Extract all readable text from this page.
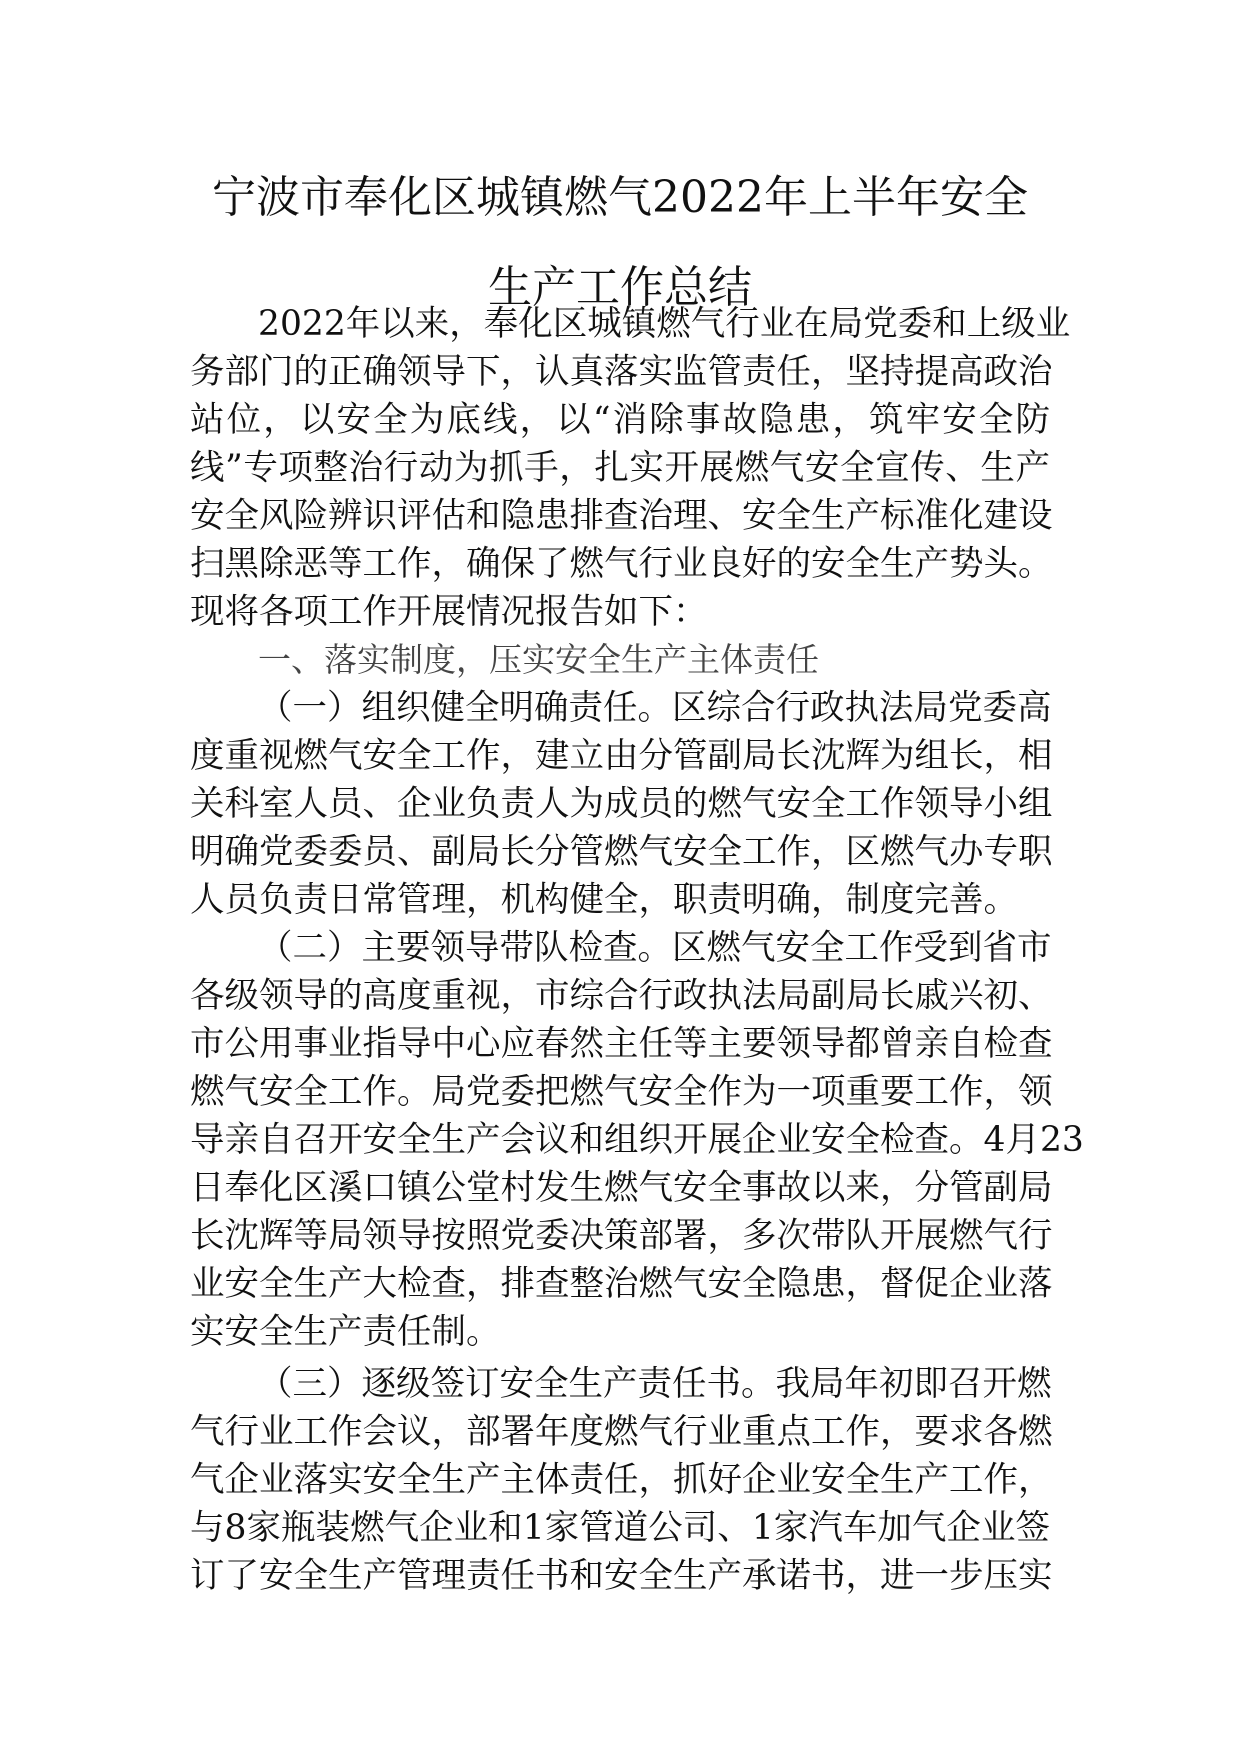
宁波市奉化区城镇燃气2022年上半年安全
生产工作总结
2022年以来，奉化区城镇燃气行业在局党委和上级业
务部门的正确领导下，认真落实监管责任，坚持提高政治
站位，以安全为底线，以“消除事故隐患，筑牢安全防
线”专项整治行动为抓手，扎实开展燃气安全宣传、生产
安全风险辨识评估和隐患排查治理、安全生产标准化建设
扫黑除恶等工作，确保了燃气行业良好的安全生产势头。
现将各项工作开展情况报告如下：
一、落实制度，压实安全生产主体责任
（一）组织健全明确责任。区综合行政执法局党委高
度重视燃气安全工作，建立由分管副局长沈辉为组长，相
关科室人员、企业负责人为成员的燃气安全工作领导小组
明确党委委员、副局长分管燃气安全工作，区燃气办专职
人员负责日常管理，机构健全，职责明确，制度完善。
（二）主要领导带队检查。区燃气安全工作受到省市
各级领导的高度重视，市综合行政执法局副局长戚兴初、
市公用事业指导中心应春然主任等主要领导都曾亲自检查
燃气安全工作。局党委把燃气安全作为一项重要工作，领
导亲自召开安全生产会议和组织开展企业安全检查。4月23
日奉化区溪口镇公堂村发生燃气安全事故以来，分管副局
长沈辉等局领导按照党委决策部署，多次带队开展燃气行
业安全生产大检查，排查整治燃气安全隐患，督促企业落
实安全生产责任制。
（三）逐级签订安全生产责任书。我局年初即召开燃
气行业工作会议，部署年度燃气行业重点工作，要求各燃
气企业落实安全生产主体责任，抓好企业安全生产工作，
与8家瓶装燃气企业和1家管道公司、1家汽车加气企业签
订了安全生产管理责任书和安全生产承诺书，进一步压实
